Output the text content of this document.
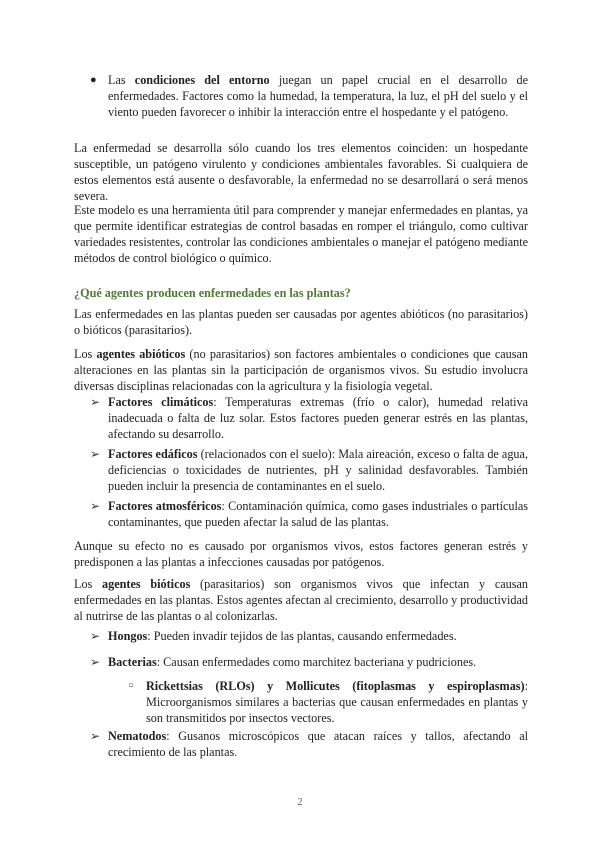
● Las condiciones del entorno juegan un papel crucial en el desarrollo de enfermedades. Factores como la humedad, la temperatura, la luz, el pH del suelo y el viento pueden favorecer o inhibir la interacción entre el hospedante y el patógeno.

La enfermedad se desarrolla sólo cuando los tres elementos coinciden: un hospedante susceptible, un patógeno virulento y condiciones ambientales favorables. Si cualquiera de estos elementos está ausente o desfavorable, la enfermedad no se desarrollará o será menos severa.

Este modelo es una herramienta útil para comprender y manejar enfermedades en plantas, ya que permite identificar estrategias de control basadas en romper el triángulo, como cultivar variedades resistentes, controlar las condiciones ambientales o manejar el patógeno mediante métodos de control biológico o químico.

¿Qué agentes producen enfermedades en las plantas?

Las enfermedades en las plantas pueden ser causadas por agentes abióticos (no parasitarios) o bióticos (parasitarios).

Los agentes abióticos (no parasitarios) son factores ambientales o condiciones que causan alteraciones en las plantas sin la participación de organismos vivos. Su estudio involucra diversas disciplinas relacionadas con la agricultura y la fisiología vegetal.

➢ Factores climáticos: Temperaturas extremas (frío o calor), humedad relativa inadecuada o falta de luz solar. Estos factores pueden generar estrés en las plantas, afectando su desarrollo.

➢ Factores edáficos (relacionados con el suelo): Mala aireación, exceso o falta de agua, deficiencias o toxicidades de nutrientes, pH y salinidad desfavorables. También pueden incluir la presencia de contaminantes en el suelo.

➢ Factores atmosféricos: Contaminación química, como gases industriales o partículas contaminantes, que pueden afectar la salud de las plantas.

Aunque su efecto no es causado por organismos vivos, estos factores generan estrés y predisponen a las plantas a infecciones causadas por patógenos.

Los agentes bióticos (parasitarios) son organismos vivos que infectan y causan enfermedades en las plantas. Estos agentes afectan al crecimiento, desarrollo y productividad al nutrirse de las plantas o al colonizarlas.

➢ Hongos: Pueden invadir tejidos de las plantas, causando enfermedades.

➢ Bacterias: Causan enfermedades como marchitez bacteriana y pudriciones.

○ Rickettsias (RLOs) y Mollicutes (fitoplasmas y espiroplasmas): Microorganismos similares a bacterias que causan enfermedades en plantas y son transmitidos por insectos vectores.

➢ Nematodos: Gusanos microscópicos que atacan raíces y tallos, afectando al crecimiento de las plantas.

2
